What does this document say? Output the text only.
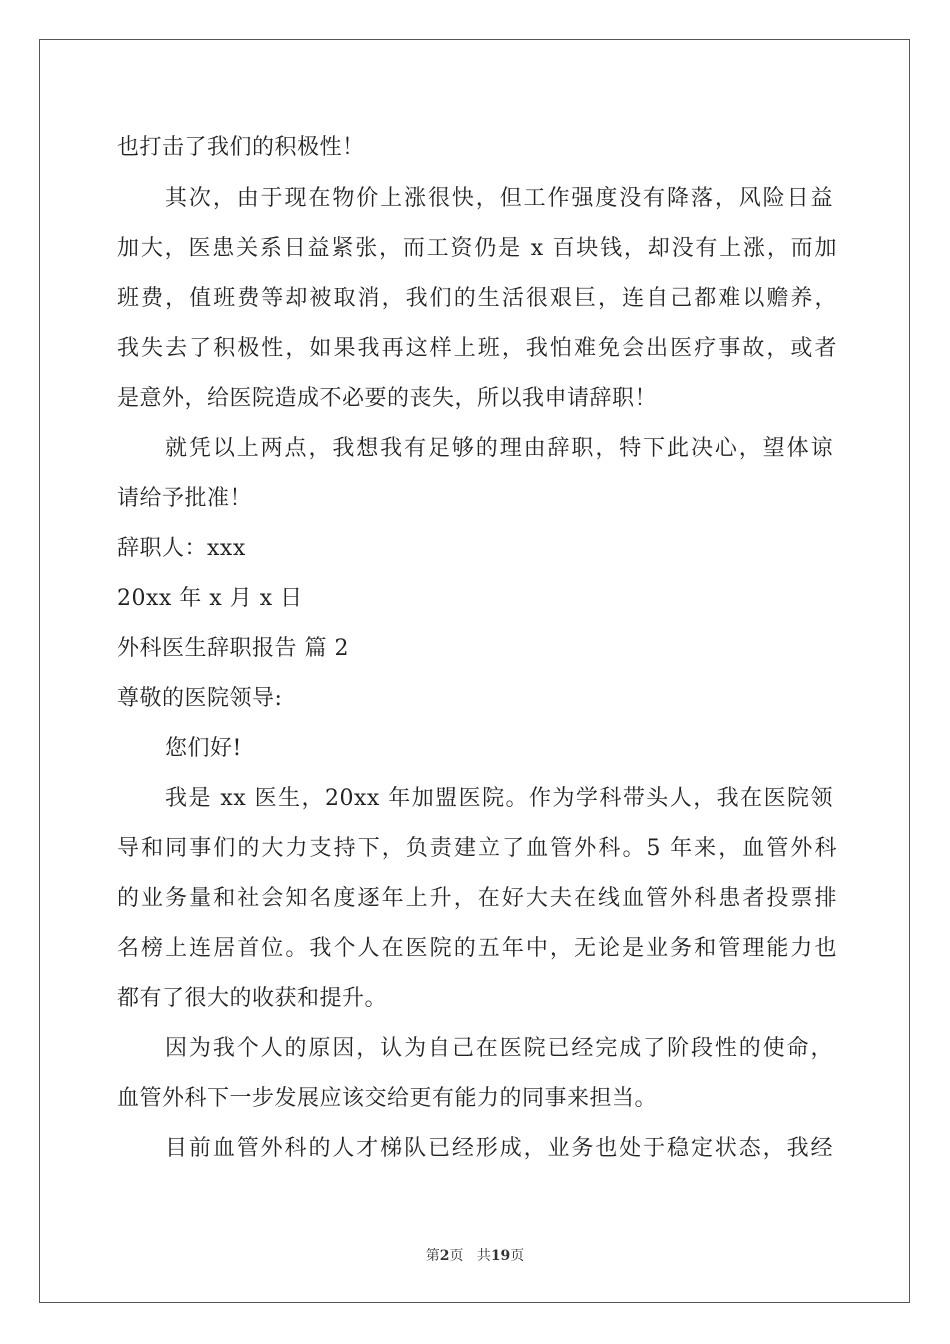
也打击了我们的积极性！
其次，由于现在物价上涨很快，但工作强度没有降落，风险日益
加大，医患关系日益紧张，而工资仍是 x 百块钱，却没有上涨，而加
班费，值班费等却被取消，我们的生活很艰巨，连自己都难以赡养，
我失去了积极性，如果我再这样上班，我怕难免会出医疗事故，或者
是意外，给医院造成不必要的丧失，所以我申请辞职！
就凭以上两点，我想我有足够的理由辞职，特下此决心，望体谅
请给予批准！
辞职人：xxx
20xx 年 x 月 x 日
外科医生辞职报告 篇 2
尊敬的医院领导:
您们好!
我是 xx 医生，20xx 年加盟医院。作为学科带头人，我在医院领
导和同事们的大力支持下，负责建立了血管外科。5 年来，血管外科
的业务量和社会知名度逐年上升，在好大夫在线血管外科患者投票排
名榜上连居首位。我个人在医院的五年中，无论是业务和管理能力也
都有了很大的收获和提升。
因为我个人的原因，认为自己在医院已经完成了阶段性的使命，
血管外科下一步发展应该交给更有能力的同事来担当。
目前血管外科的人才梯队已经形成，业务也处于稳定状态，我经
第2页 共19页
